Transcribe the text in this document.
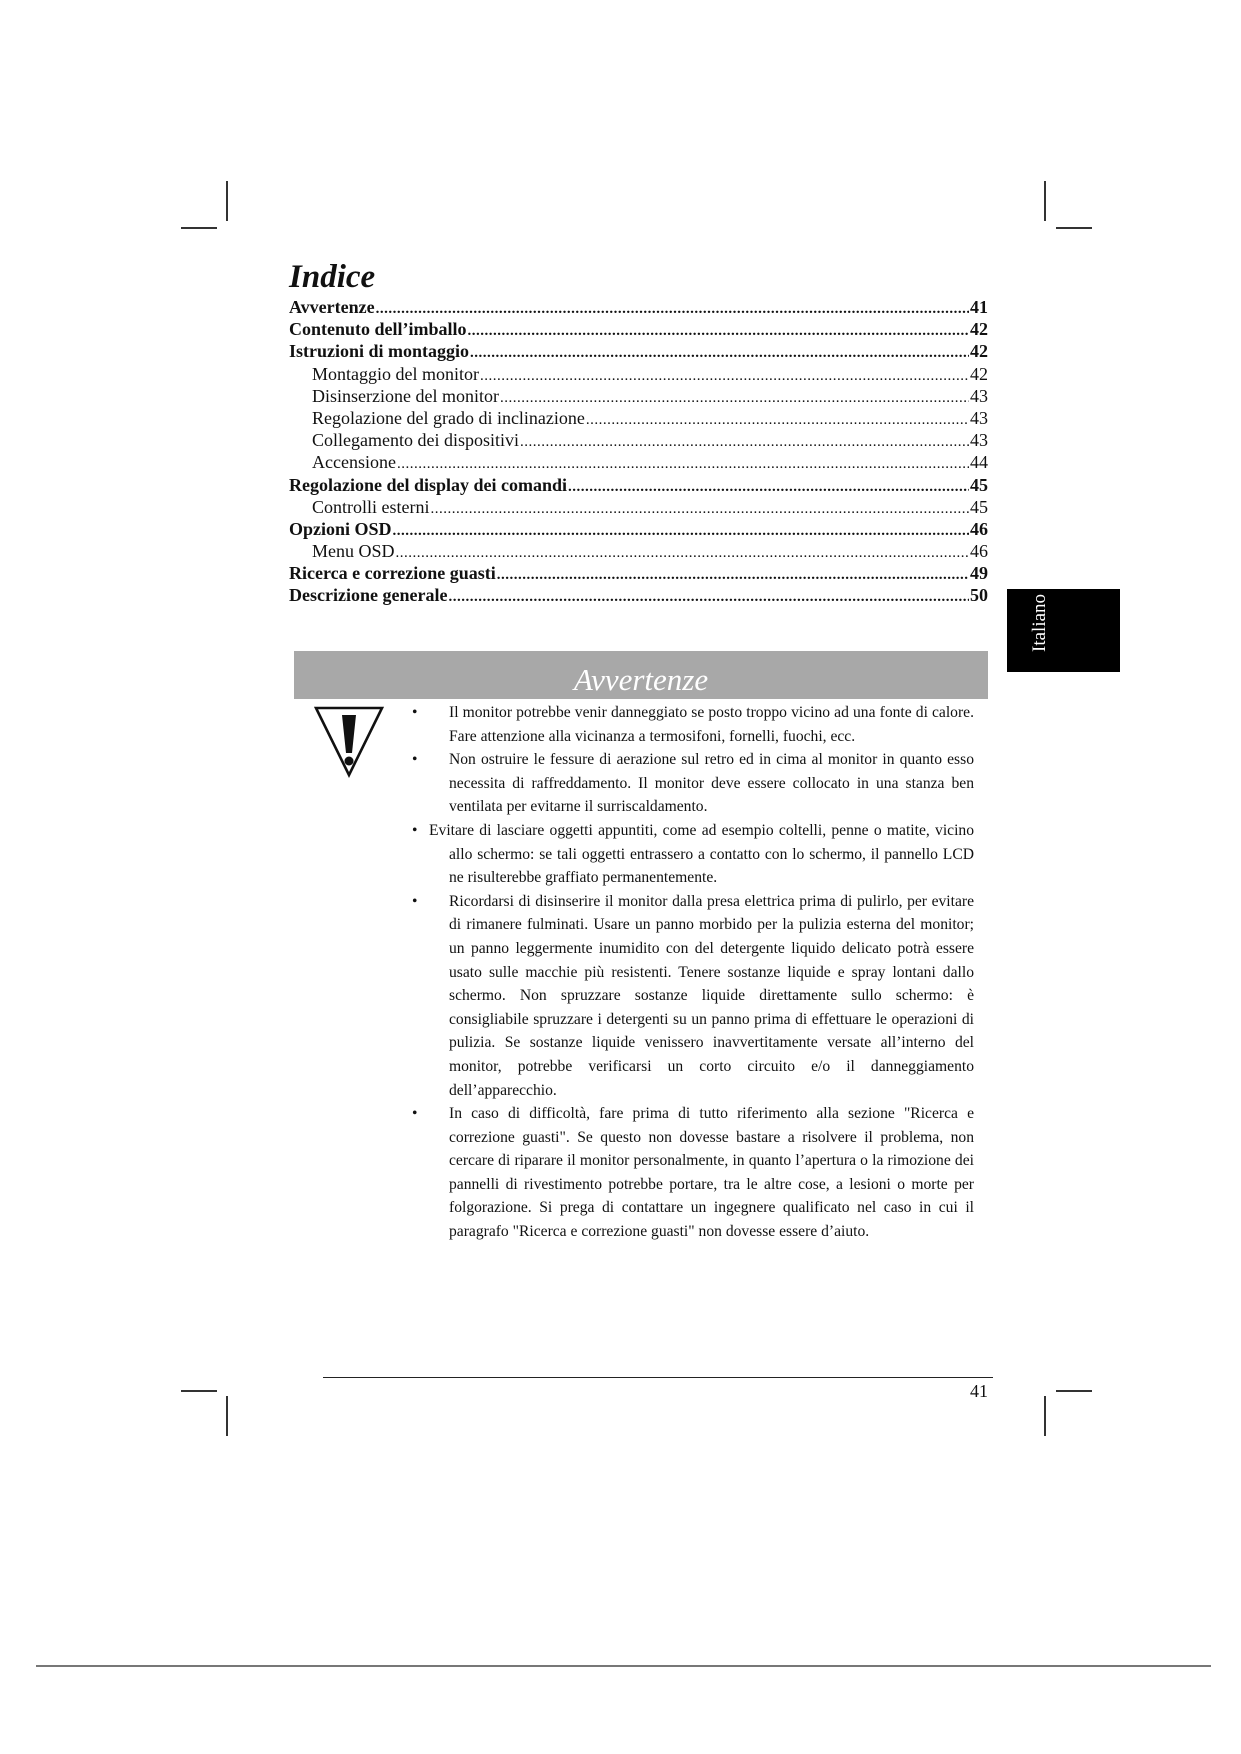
Indice
Avvertenze .....	41
Contenuto dell’imballo .....	42
Istruzioni di montaggio .....	42
Montaggio del monitor .....	42
Disinserzione del monitor .....	43
Regolazione del grado di inclinazione .....	43
Collegamento dei dispositivi .....	43
Accensione .....	44
Regolazione del display dei comandi .....	45
Controlli esterni .....	45
Opzioni OSD .....	46
Menu OSD .....	46
Ricerca e correzione guasti .....	49
Descrizione generale .....	50 Italiano
Avvertenze
• Il monitor potrebbe venir danneggiato se posto troppo vicino ad una fonte di calore. Fare attenzione alla vicinanza a termosifoni, fornelli, fuochi, ecc.
• Non ostruire le fessure di aerazione sul retro ed in cima al monitor in quanto esso necessita di raffreddamento. Il monitor deve essere collocato in una stanza ben ventilata per evitarne il surriscaldamento.
• Evitare di lasciare oggetti appuntiti, come ad esempio coltelli, penne o matite, vicino allo schermo: se tali oggetti entrassero a contatto con lo schermo, il pannello LCD ne risulterebbe graffiato permanentemente.
• Ricordarsi di disinserire il monitor dalla presa elettrica prima di pulirlo, per evitare di rimanere fulminati. Usare un panno morbido per la pulizia esterna del monitor; un panno leggermente inumidito con del detergente liquido delicato potrà essere usato sulle macchie più resistenti. Tenere sostanze liquide e spray lontani dallo schermo. Non spruzzare sostanze liquide direttamente sullo schermo: è consigliabile spruzzare i detergenti su un panno prima di effettuare le operazioni di pulizia. Se sostanze liquide venissero inavvertitamente versate all’interno del monitor, potrebbe verificarsi un corto circuito e/o il danneggiamento dell’apparecchio.
• In caso di difficoltà, fare prima di tutto riferimento alla sezione "Ricerca e correzione guasti". Se questo non dovesse bastare a risolvere il problema, non cercare di riparare il monitor personalmente, in quanto l’apertura o la rimozione dei pannelli di rivestimento potrebbe portare, tra le altre cose, a lesioni o morte per folgorazione. Si prega di contattare un ingegnere qualificato nel caso in cui il paragrafo "Ricerca e correzione guasti" non dovesse essere d’aiuto.
41
